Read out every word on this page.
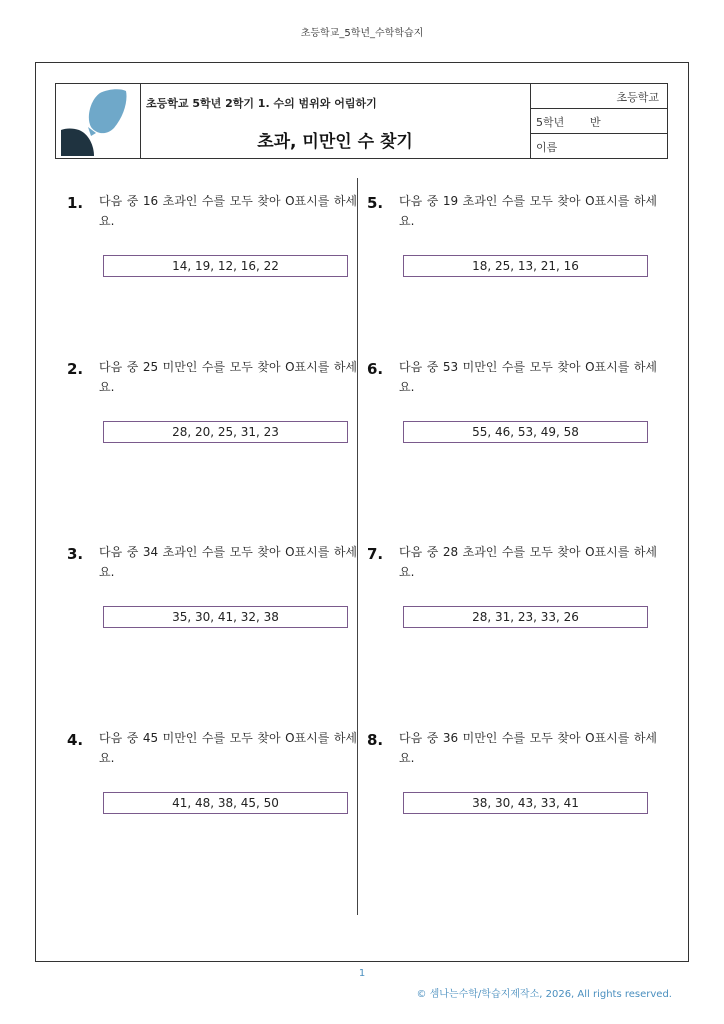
초등학교_5학년_수학학습지
초등학교 5학년 2학기 1. 수의 범위와 어림하기
초과, 미만인 수 찾기
초등학교
5학년 반
이름
1. 다음 중 16 초과인 수를 모두 찾아 O표시를 하세요.
14, 19, 12, 16, 22
2. 다음 중 25 미만인 수를 모두 찾아 O표시를 하세요.
28, 20, 25, 31, 23
3. 다음 중 34 초과인 수를 모두 찾아 O표시를 하세요.
35, 30, 41, 32, 38
4. 다음 중 45 미만인 수를 모두 찾아 O표시를 하세요.
41, 48, 38, 45, 50
5. 다음 중 19 초과인 수를 모두 찾아 O표시를 하세요.
18, 25, 13, 21, 16
6. 다음 중 53 미만인 수를 모두 찾아 O표시를 하세요.
55, 46, 53, 49, 58
7. 다음 중 28 초과인 수를 모두 찾아 O표시를 하세요.
28, 31, 23, 33, 26
8. 다음 중 36 미만인 수를 모두 찾아 O표시를 하세요.
38, 30, 43, 33, 41
1
© 셈나는수학/학습지제작소, 2026, All rights reserved.
